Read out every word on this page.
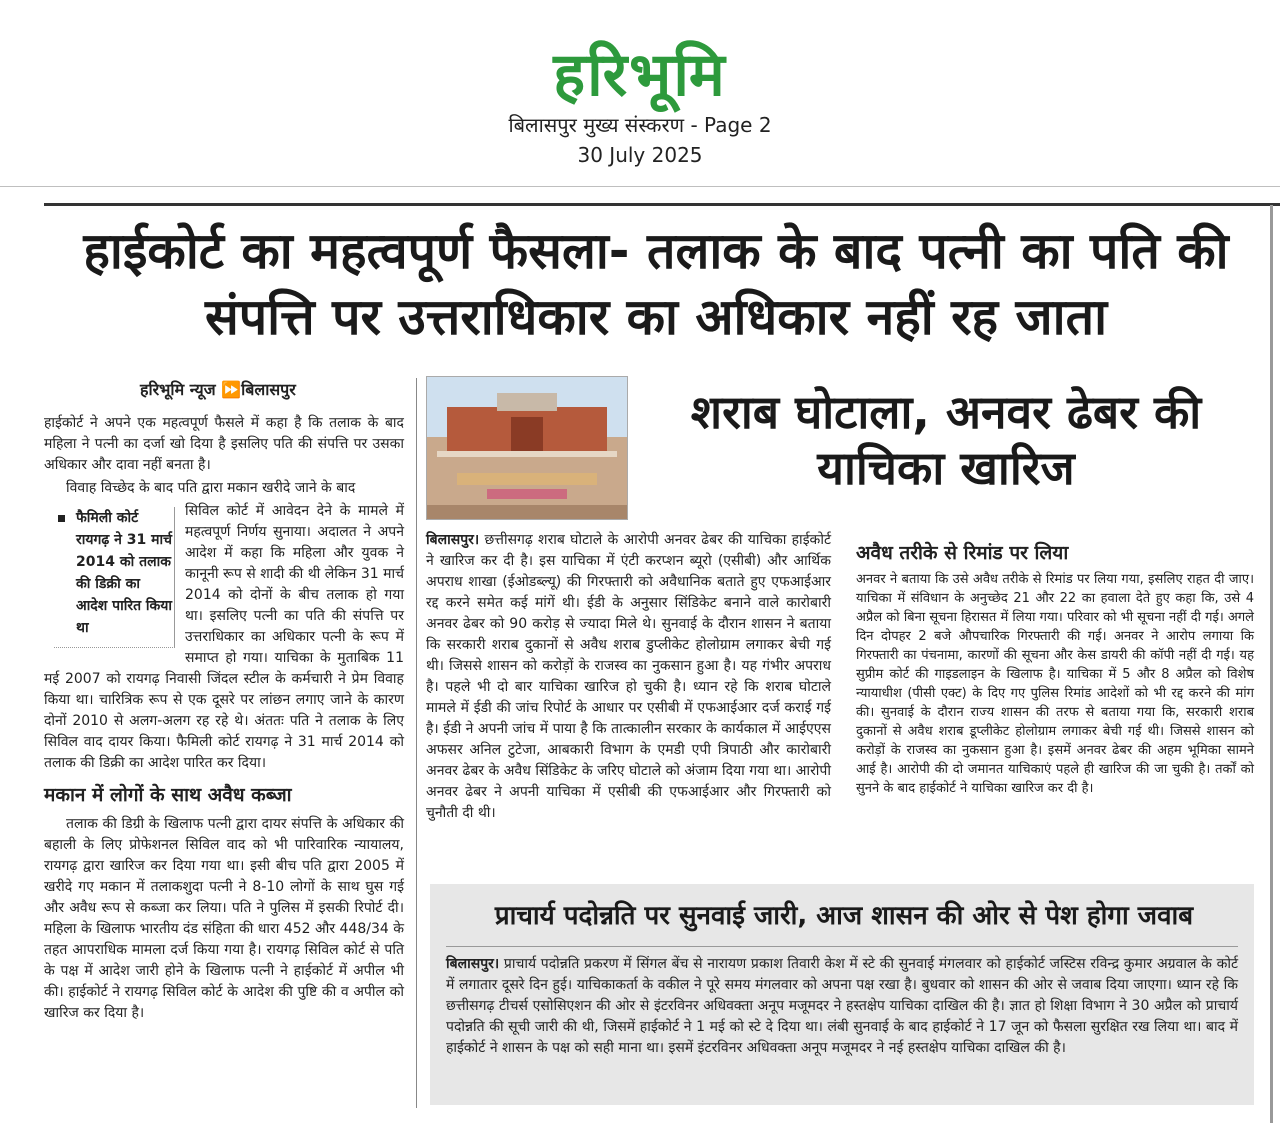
हरिभूमि
बिलासपुर मुख्य संस्करण - Page 2
30 July 2025
हाईकोर्ट का महत्वपूर्ण फैसला- तलाक के बाद पत्नी का पति की संपत्ति पर उत्तराधिकार का अधिकार नहीं रह जाता
हरिभूमि न्यूज ⏩बिलासपुर

हाईकोर्ट ने अपने एक महत्वपूर्ण फैसले में कहा है कि तलाक के बाद महिला ने पत्नी का दर्जा खो दिया है इसलिए पति की संपत्ति पर उसका अधिकार और दावा नहीं बनता है।

विवाह विच्छेद के बाद पति द्वारा मकान खरीदे जाने के बाद

फैमिली कोर्ट रायगढ़ ने 31 मार्च 2014 को तलाक की डिक्री का आदेश पारित किया था

सिविल कोर्ट में आवेदन देने के मामले में महत्वपूर्ण निर्णय सुनाया। अदालत ने अपने आदेश में कहा कि महिला और युवक ने कानूनी रूप से शादी की थी लेकिन 31 मार्च 2014 को दोनों के बीच तलाक हो गया था। इसलिए पत्नी का पति की संपत्ति पर उत्तराधिकार का अधिकार पत्नी के रूप में समाप्त हो गया। याचिका के मुताबिक 11 मई 2007 को रायगढ़ निवासी जिंदल स्टील के कर्मचारी ने प्रेम विवाह किया था। चारित्रिक रूप से एक दूसरे पर लांछन लगाए जाने के कारण दोनों 2010 से अलग-अलग रह रहे थे। अंततः पति ने तलाक के लिए सिविल वाद दायर किया। फैमिली कोर्ट रायगढ़ ने 31 मार्च 2014 को तलाक की डिक्री का आदेश पारित कर दिया।

मकान में लोगों के साथ अवैध कब्जा

तलाक की डिग्री के खिलाफ पत्नी द्वारा दायर संपत्ति के अधिकार की बहाली के लिए प्रोफेशनल सिविल वाद को भी पारिवारिक न्यायालय, रायगढ़ द्वारा खारिज कर दिया गया था। इसी बीच पति द्वारा 2005 में खरीदे गए मकान में तलाकशुदा पत्नी ने 8-10 लोगों के साथ घुस गई और अवैध रूप से कब्जा कर लिया। पति ने पुलिस में इसकी रिपोर्ट दी। महिला के खिलाफ भारतीय दंड संहिता की धारा 452 और 448/34 के तहत आपराधिक मामला दर्ज किया गया है। रायगढ़ सिविल कोर्ट से पति के पक्ष में आदेश जारी होने के खिलाफ पत्नी ने हाईकोर्ट में अपील भी की। हाईकोर्ट ने रायगढ़ सिविल कोर्ट के आदेश की पुष्टि की व अपील को खारिज कर दिया है।

शराब घोटाला, अनवर ढेबर की याचिका खारिज

बिलासपुर। छत्तीसगढ़ शराब घोटाले के आरोपी अनवर ढेबर की याचिका हाईकोर्ट ने खारिज कर दी है। इस याचिका में एंटी करप्शन ब्यूरो (एसीबी) और आर्थिक अपराध शाखा (ईओडब्ल्यू) की गिरफ्तारी को अवैधानिक बताते हुए एफआईआर रद्द करने समेत कई मांगें थी। ईडी के अनुसार सिंडिकेट बनाने वाले कारोबारी अनवर ढेबर को 90 करोड़ से ज्यादा मिले थे। सुनवाई के दौरान शासन ने बताया कि सरकारी शराब दुकानों से अवैध शराब डुप्लीकेट होलोग्राम लगाकर बेची गई थी। जिससे शासन को करोड़ों के राजस्व का नुकसान हुआ है। यह गंभीर अपराध है। पहले भी दो बार याचिका खारिज हो चुकी है। ध्यान रहे कि शराब घोटाले मामले में ईडी की जांच रिपोर्ट के आधार पर एसीबी में एफआईआर दर्ज कराई गई है। ईडी ने अपनी जांच में पाया है कि तात्कालीन सरकार के कार्यकाल में आईएएस अफसर अनिल टुटेजा, आबकारी विभाग के एमडी एपी त्रिपाठी और कारोबारी अनवर ढेबर के अवैध सिंडिकेट के जरिए घोटाले को अंजाम दिया गया था। आरोपी अनवर ढेबर ने अपनी याचिका में एसीबी की एफआईआर और गिरफ्तारी को चुनौती दी थी।

अवैध तरीके से रिमांड पर लिया

अनवर ने बताया कि उसे अवैध तरीके से रिमांड पर लिया गया, इसलिए राहत दी जाए। याचिका में संविधान के अनुच्छेद 21 और 22 का हवाला देते हुए कहा कि, उसे 4 अप्रैल को बिना सूचना हिरासत में लिया गया। परिवार को भी सूचना नहीं दी गई। अगले दिन दोपहर 2 बजे औपचारिक गिरफ्तारी की गई। अनवर ने आरोप लगाया कि गिरफ्तारी का पंचनामा, कारणों की सूचना और केस डायरी की कॉपी नहीं दी गई। यह सुप्रीम कोर्ट की गाइडलाइन के खिलाफ है। याचिका में 5 और 8 अप्रैल को विशेष न्यायाधीश (पीसी एक्ट) के दिए गए पुलिस रिमांड आदेशों को भी रद्द करने की मांग की। सुनवाई के दौरान राज्य शासन की तरफ से बताया गया कि, सरकारी शराब दुकानों से अवैध शराब डूप्लीकेट होलोग्राम लगाकर बेची गई थी। जिससे शासन को करोड़ों के राजस्व का नुकसान हुआ है। इसमें अनवर ढेबर की अहम भूमिका सामने आई है। आरोपी की दो जमानत याचिकाएं पहले ही खारिज की जा चुकी है। तर्कों को सुनने के बाद हाईकोर्ट ने याचिका खारिज कर दी है।

प्राचार्य पदोन्नति पर सुनवाई जारी, आज शासन की ओर से पेश होगा जवाब

बिलासपुर। प्राचार्य पदोन्नति प्रकरण में सिंगल बेंच से नारायण प्रकाश तिवारी केश में स्टे की सुनवाई मंगलवार को हाईकोर्ट जस्टिस रविन्द्र कुमार अग्रवाल के कोर्ट में लगातार दूसरे दिन हुई। याचिकाकर्ता के वकील ने पूरे समय मंगलवार को अपना पक्ष रखा है। बुधवार को शासन की ओर से जवाब दिया जाएगा। ध्यान रहे कि छत्तीसगढ़ टीचर्स एसोसिएशन की ओर से इंटरविनर अधिवक्ता अनूप मजूमदर ने हस्तक्षेप याचिका दाखिल की है। ज्ञात हो शिक्षा विभाग ने 30 अप्रैल को प्राचार्य पदोन्नति की सूची जारी की थी, जिसमें हाईकोर्ट ने 1 मई को स्टे दे दिया था। लंबी सुनवाई के बाद हाईकोर्ट ने 17 जून को फैसला सुरक्षित रख लिया था। बाद में हाईकोर्ट ने शासन के पक्ष को सही माना था। इसमें इंटरविनर अधिवक्ता अनूप मजूमदर ने नई हस्तक्षेप याचिका दाखिल की है।
